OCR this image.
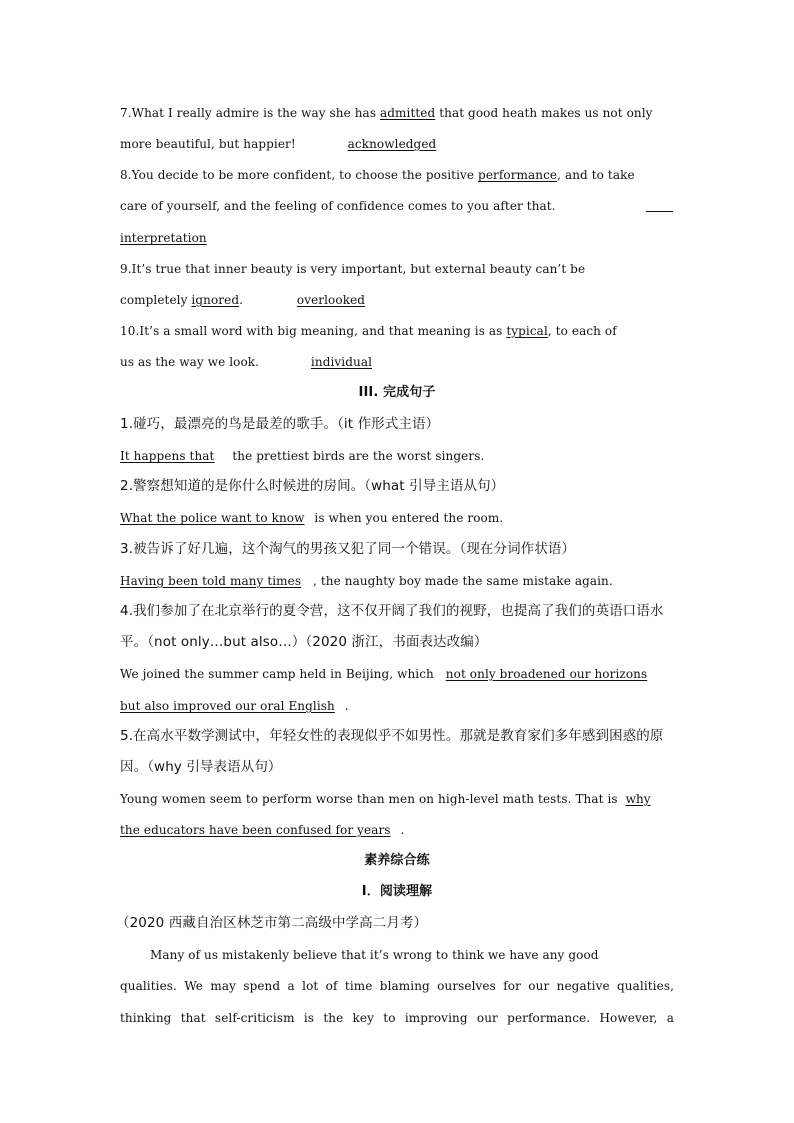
7.What I really admire is the way she has admitted that good heath makes us not only
more beautiful, but happier!	acknowledged
8.You decide to be more confident, to choose the positive performance, and to take
care of yourself, and the feeling of confidence comes to you after that.
interpretation
9.It’s true that inner beauty is very important, but external beauty can’t be
completely ignored.	overlooked
10.It’s a small word with big meaning, and that meaning is as typical, to each of
us as the way we look.	individual
III. 完成句子
1.碰巧，最漂亮的鸟是最差的歌手。（it 作形式主语）
It happens that the prettiest birds are the worst singers.
2.警察想知道的是你什么时候进的房间。（what 引导主语从句）
What the police want to know is when you entered the room.
3.被告诉了好几遍，这个淘气的男孩又犯了同一个错误。（现在分词作状语）
Having been told many times , the naughty boy made the same mistake again.
4.我们参加了在北京举行的夏令营，这不仅开阔了我们的视野，也提高了我们的英语口语水
平。（not only…but also…）（2020 浙江，书面表达改编）
We joined the summer camp held in Beijing, which not only broadened our horizons
but also improved our oral English .
5.在高水平数学测试中，年轻女性的表现似乎不如男性。那就是教育家们多年感到困惑的原
因。（why 引导表语从句）
Young women seem to perform worse than men on high-level math tests. That is why
the educators have been confused for years .
素养综合练
I．阅读理解
（2020 西藏自治区林芝市第二高级中学高二月考）
Many of us mistakenly believe that it’s wrong to think we have any good
qualities. We may spend a lot of time blaming ourselves for our negative qualities,
thinking that self-criticism is the key to improving our performance. However, a
